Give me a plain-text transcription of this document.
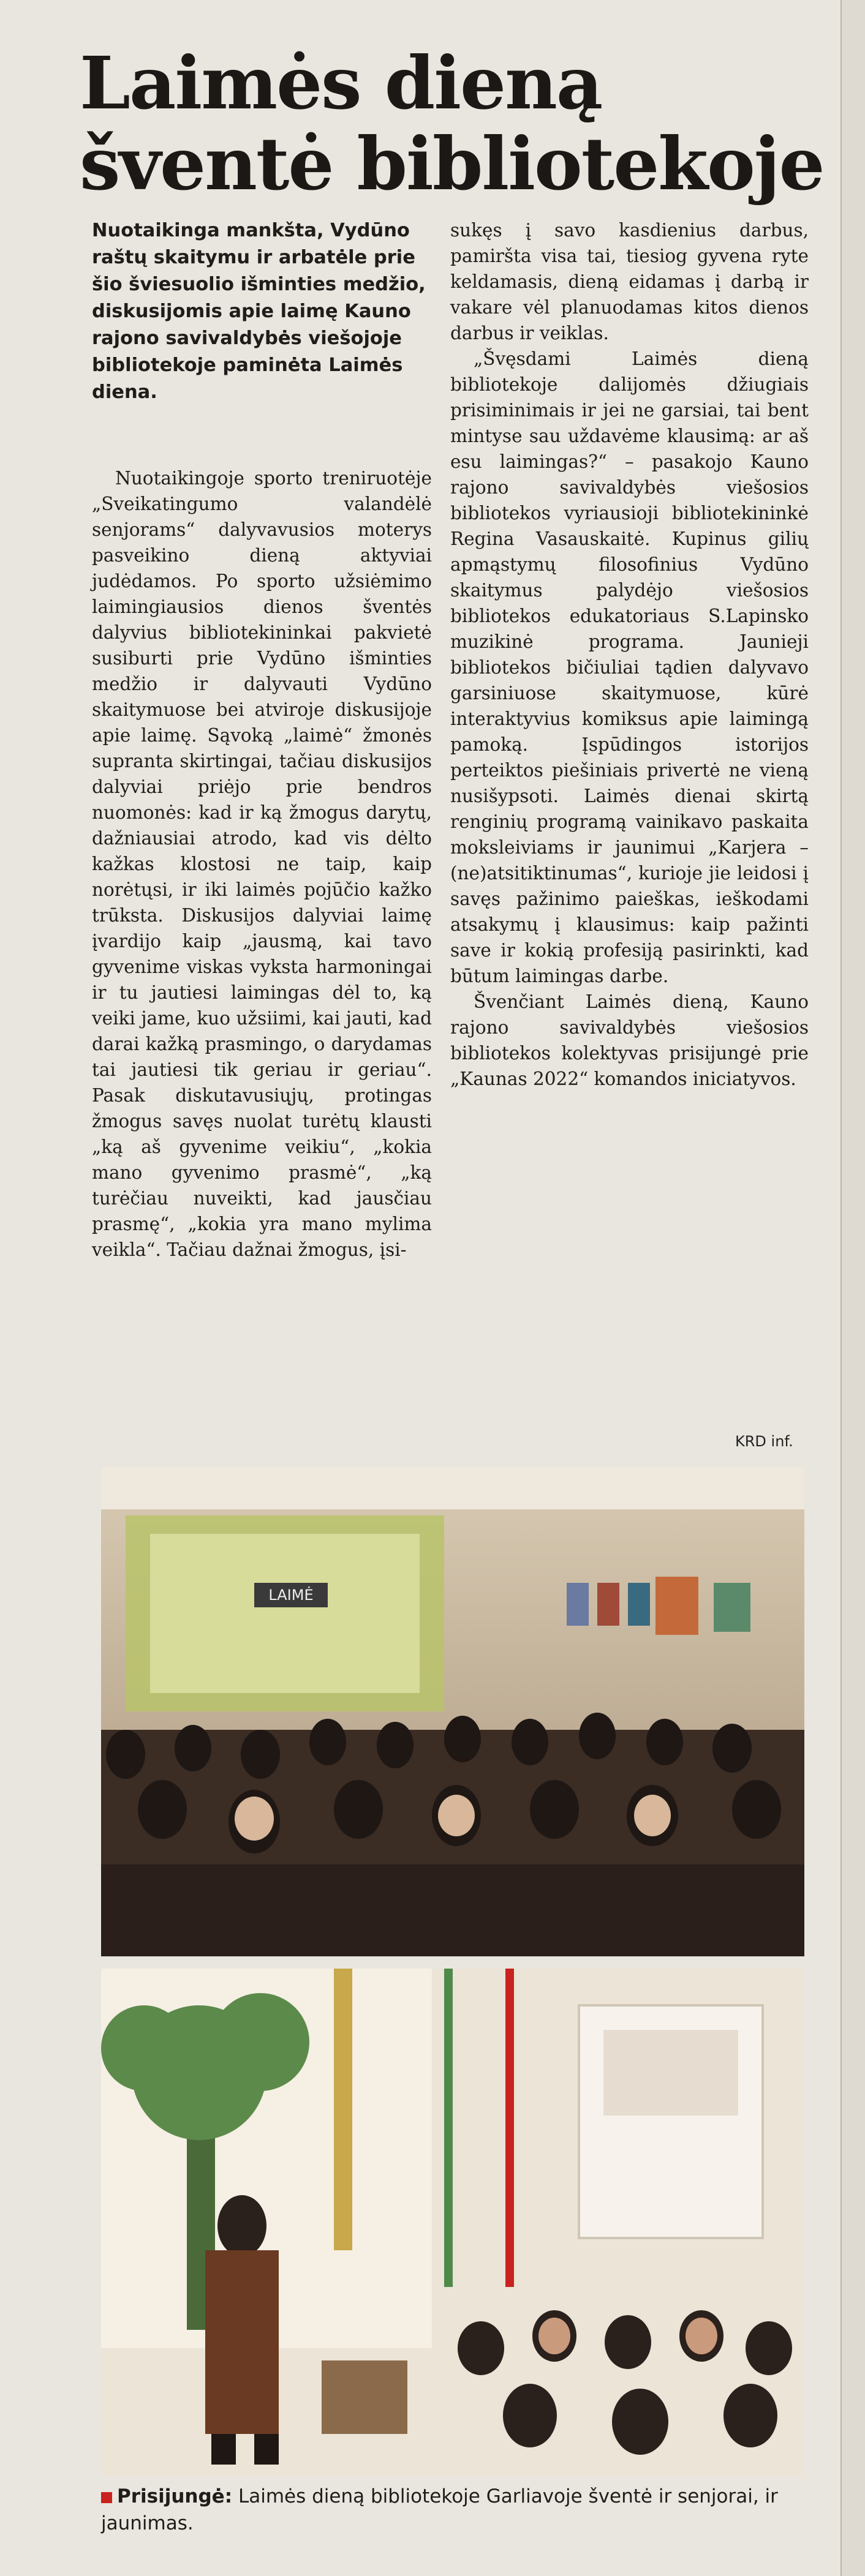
Laimės dieną
šventė bibliotekoje
Nuotaikinga mankšta, Vydūno raštų skaitymu ir arbatėle prie šio šviesuolio išminties medžio, diskusijomis apie laimę Kauno rajono savivaldybės viešojoje bibliotekoje paminėta Laimės diena.

Nuotaikingoje sporto treniruotėje „Sveikatingumo valandėlė senjorams“ dalyvavusios moterys pasveikino dieną aktyviai judėdamos. Po sporto užsiėmimo laimingiausios dienos šventės dalyvius bibliotekininkai pakvietė susiburti prie Vydūno išminties medžio ir dalyvauti Vydūno skaitymuose bei atviroje diskusijoje apie laimę. Sąvoką „laimė“ žmonės supranta skirtingai, tačiau diskusijos dalyviai priėjo prie bendros nuomonės: kad ir ką žmogus darytų, dažniausiai atrodo, kad vis dėlto kažkas klostosi ne taip, kaip norėtųsi, ir iki laimės pojūčio kažko trūksta. Diskusijos dalyviai laimę įvardijo kaip „jausmą, kai tavo gyvenime viskas vyksta harmoningai ir tu jautiesi laimingas dėl to, ką veiki jame, kuo užsiimi, kai jauti, kad darai kažką prasmingo, o darydamas tai jautiesi tik geriau ir geriau“. Pasak diskutavusiųjų, protingas žmogus savęs nuolat turėtų klausti „ką aš gyvenime veikiu“, „kokia mano gyvenimo prasmė“, „ką turėčiau nuveikti, kad jausčiau prasmę“, „kokia yra mano mylima veikla“. Tačiau dažnai žmogus, įsi-

sukęs į savo kasdienius darbus, pamiršta visa tai, tiesiog gyvena ryte keldamasis, dieną eidamas į darbą ir vakare vėl planuodamas kitos dienos darbus ir veiklas.

„Švęsdami Laimės dieną bibliotekoje dalijomės džiugiais prisiminimais ir jei ne garsiai, tai bent mintyse sau uždavėme klausimą: ar aš esu laimingas?“ – pasakojo Kauno rajono savivaldybės viešosios bibliotekos vyriausioji bibliotekininkė Regina Vasauskaitė. Kupinus gilių apmąstymų filosofinius Vydūno skaitymus palydėjo viešosios bibliotekos edukatoriaus S.Lapinsko muzikinė programa. Jaunieji bibliotekos bičiuliai tądien dalyvavo garsiniuose skaitymuose, kūrė interaktyvius komiksus apie laimingą pamoką. Įspūdingos istorijos perteiktos piešiniais privertė ne vieną nusišypsoti. Laimės dienai skirtą renginių programą vainikavo paskaita moksleiviams ir jaunimui „Karjera – (ne)atsitiktinumas“, kurioje jie leidosi į savęs pažinimo paieškas, ieškodami atsakymų į klausimus: kaip pažinti save ir kokią profesiją pasirinkti, kad būtum laimingas darbe.

Švenčiant Laimės dieną, Kauno rajono savivaldybės viešosios bibliotekos kolektyvas prisijungė prie „Kaunas 2022“ komandos iniciatyvos.

KRD inf.
LAIMĖ
Prisijungė: Laimės dieną bibliotekoje Garliavoje šventė ir senjorai, ir jaunimas.
